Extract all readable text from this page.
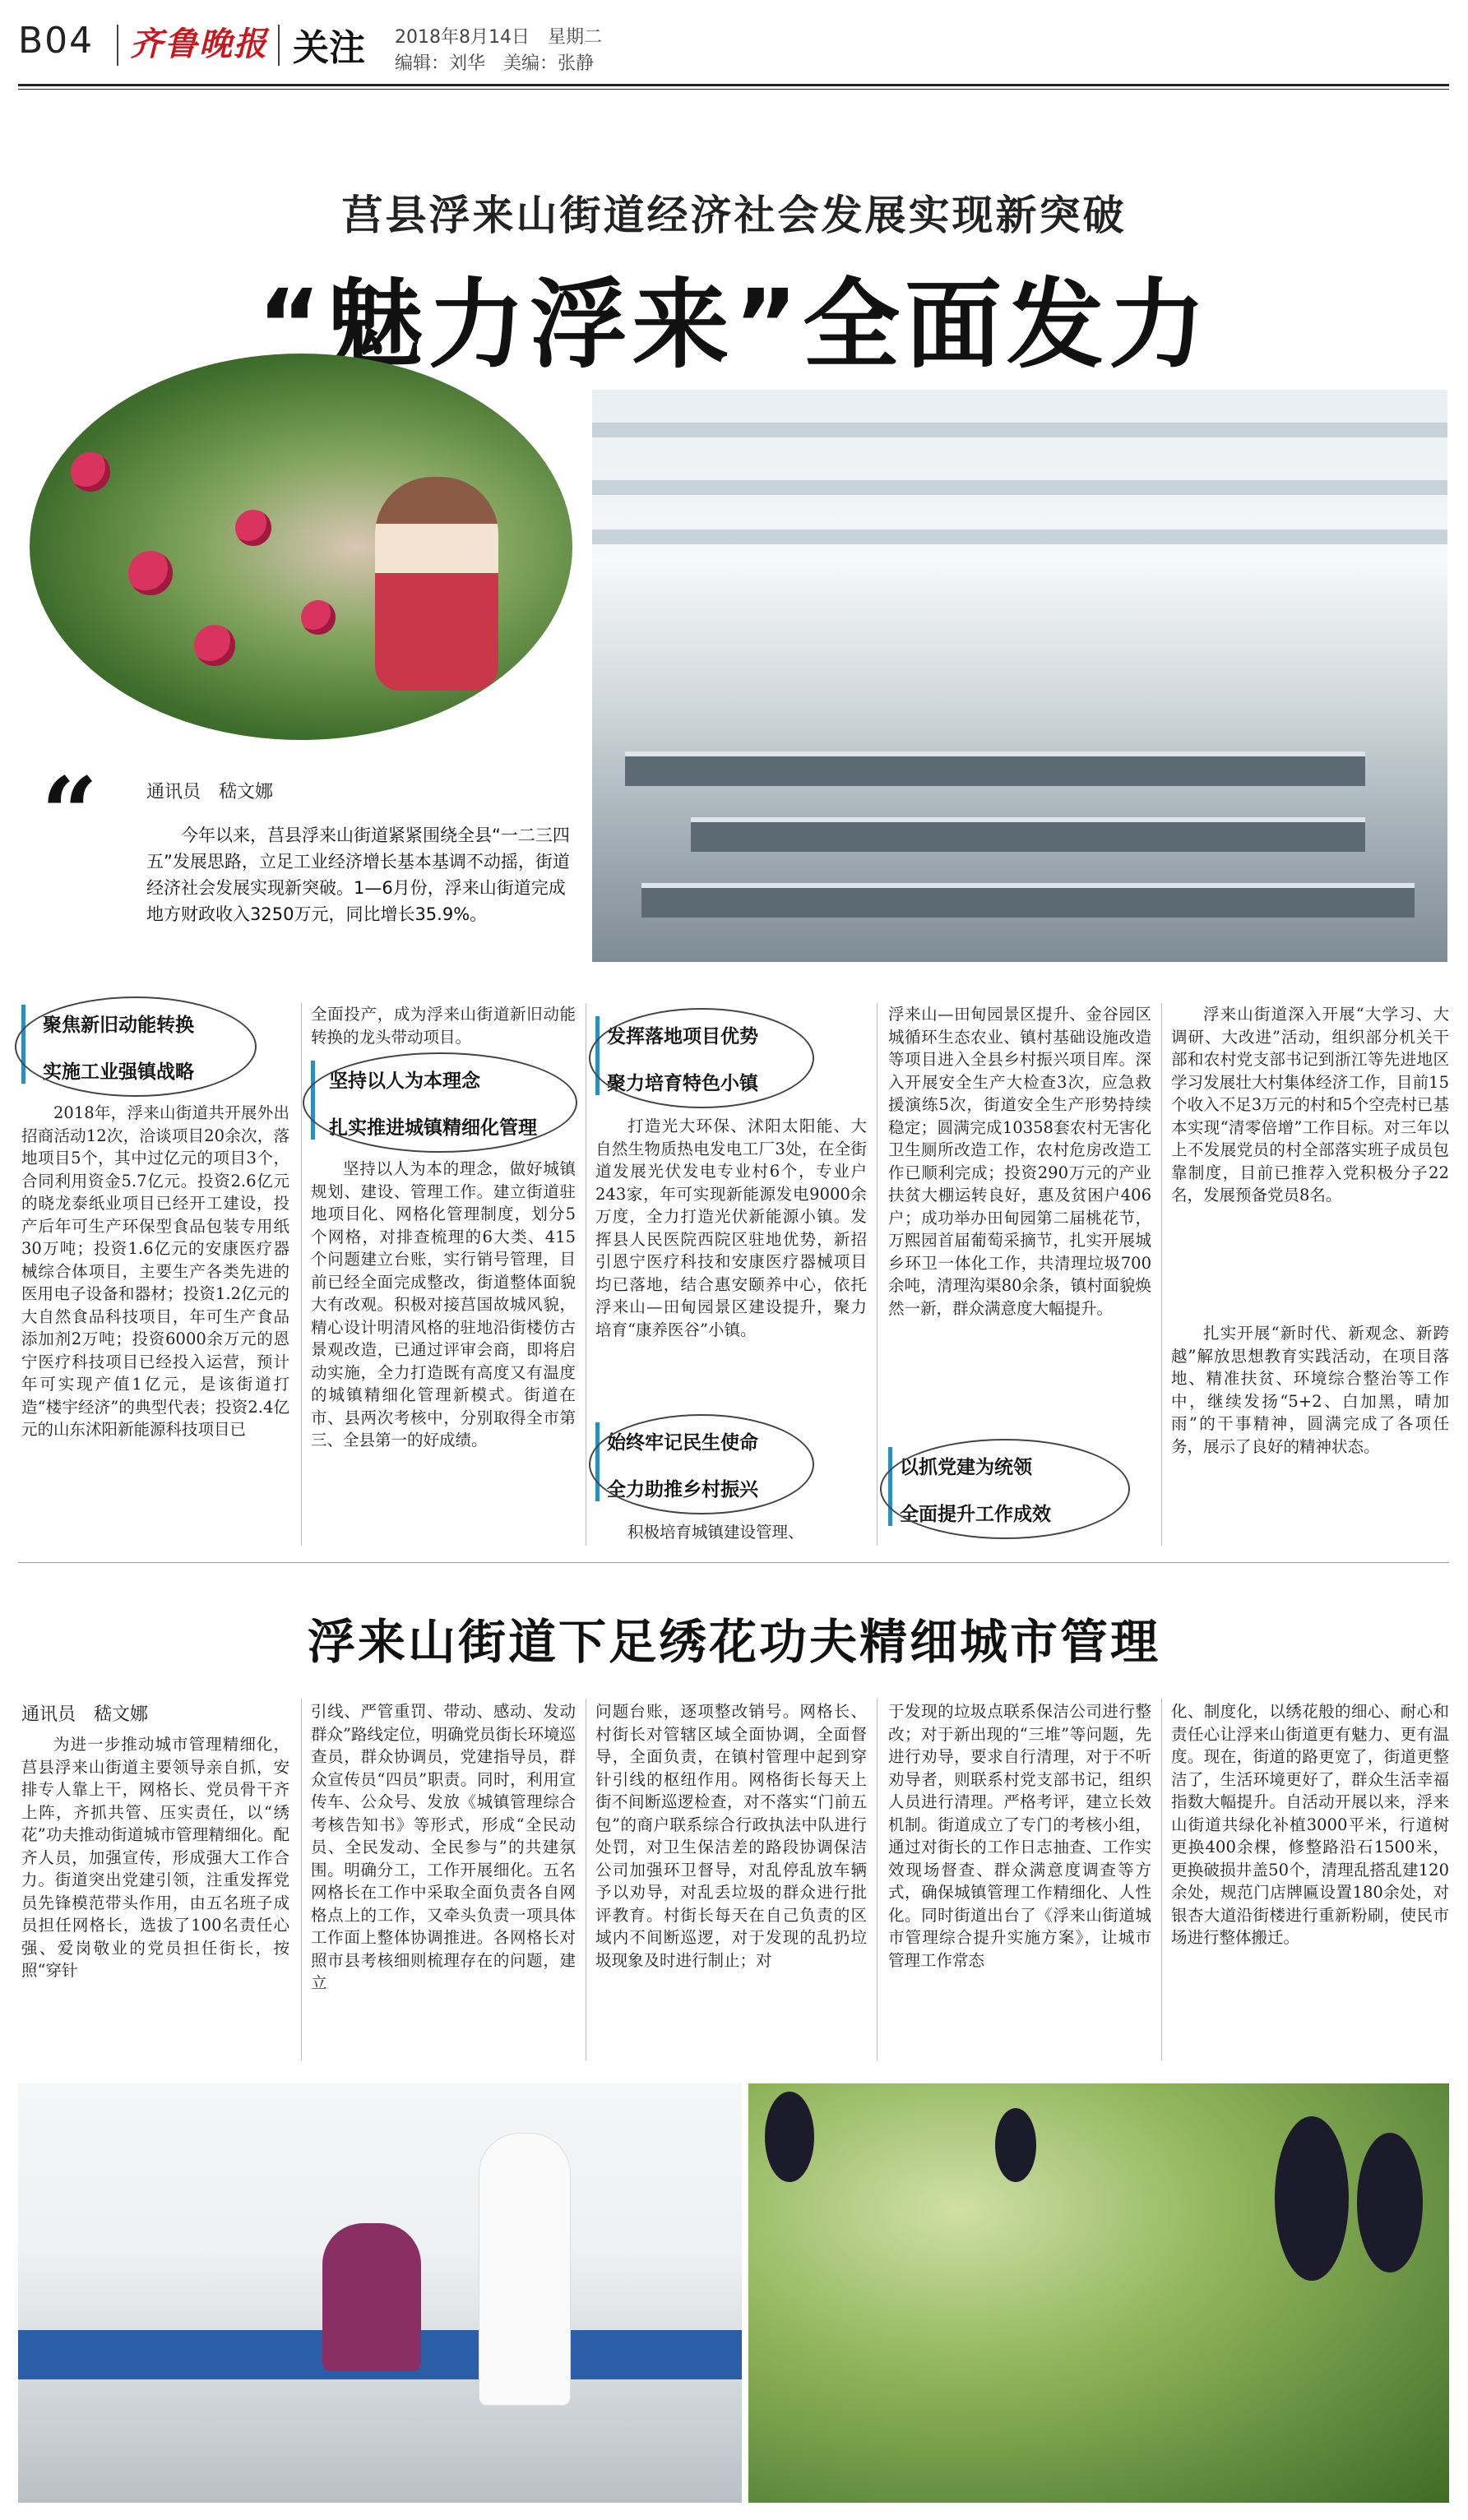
B04 齐鲁晚报 关注 2018年8月14日　星期二
编辑：刘华　美编：张静
莒县浮来山街道经济社会发展实现新突破
“魅力浮来”全面发力
“	通讯员　嵇文娜
今年以来，莒县浮来山街道紧紧围绕全县“一二三四五”发展思路，立足工业经济增长基本基调不动摇，街道经济社会发展实现新突破。1—6月份，浮来山街道完成地方财政收入3250万元，同比增长35.9%。
聚焦新旧动能转换
实施工业强镇战略	坚持以人为本理念
扎实推进城镇精细化管理
发挥落地项目优势
聚力培育特色小镇
始终牢记民生使命
全力助推乡村振兴
以抓党建为统领
全面提升工作成效
2018年，浮来山街道共开展外出招商活动12次，洽谈项目20余次，落地项目5个，其中过亿元的项目3个，合同利用资金5.7亿元。投资2.6亿元的晓龙泰纸业项目已经开工建设，投产后年可生产环保型食品包装专用纸30万吨；投资1.6亿元的安康医疗器械综合体项目，主要生产各类先进的医用电子设备和器材；投资1.2亿元的大自然食品科技项目，年可生产食品添加剂2万吨；投资6000余万元的恩宁医疗科技项目已经投入运营，预计年可实现产值1亿元，是该街道打造“楼宇经济”的典型代表；投资2.4亿元的山东沭阳新能源科技项目已
全面投产，成为浮来山街道新旧动能转换的龙头带动项目。
坚持以人为本的理念，做好城镇规划、建设、管理工作。建立街道驻地项目化、网格化管理制度，划分5个网格，对排查梳理的6大类、415个问题建立台账，实行销号管理，目前已经全面完成整改，街道整体面貌大有改观。积极对接莒国故城风貌，精心设计明清风格的驻地沿街楼仿古景观改造，已通过评审会商，即将启动实施，全力打造既有高度又有温度的城镇精细化管理新模式。街道在市、县两次考核中，分别取得全市第三、全县第一的好成绩。
打造光大环保、沭阳太阳能、大自然生物质热电发电工厂3处，在全街道发展光伏发电专业村6个，专业户243家，年可实现新能源发电9000余万度，全力打造光伏新能源小镇。发挥县人民医院西院区驻地优势，新招引恩宁医疗科技和安康医疗器械项目均已落地，结合惠安颐养中心，依托浮来山—田甸园景区建设提升，聚力培育“康养医谷”小镇。
积极培育城镇建设管理、
浮来山—田甸园景区提升、金谷园区城循环生态农业、镇村基础设施改造等项目进入全县乡村振兴项目库。深入开展安全生产大检查3次，应急救援演练5次，街道安全生产形势持续稳定；圆满完成10358套农村无害化卫生厕所改造工作，农村危房改造工作已顺利完成；投资290万元的产业扶贫大棚运转良好，惠及贫困户406户；成功举办田甸园第二届桃花节，万熙园首届葡萄采摘节，扎实开展城乡环卫一体化工作，共清理垃圾700余吨，清理沟渠80余条，镇村面貌焕然一新，群众满意度大幅提升。
浮来山街道深入开展“大学习、大调研、大改进”活动，组织部分机关干部和农村党支部书记到浙江等先进地区学习发展壮大村集体经济工作，目前15个收入不足3万元的村和5个空壳村已基本实现“清零倍增”工作目标。对三年以上不发展党员的村全部落实班子成员包靠制度，目前已推荐入党积极分子22名，发展预备党员8名。
扎实开展“新时代、新观念、新跨越”解放思想教育实践活动，在项目落地、精准扶贫、环境综合整治等工作中，继续发扬“5+2、白加黑，晴加雨”的干事精神，圆满完成了各项任务，展示了良好的精神状态。
浮来山街道下足绣花功夫精细城市管理
通讯员　嵇文娜
为进一步推动城市管理精细化，莒县浮来山街道主要领导亲自抓，安排专人靠上干，网格长、党员骨干齐上阵，齐抓共管、压实责任，以“绣花”功夫推动街道城市管理精细化。配齐人员，加强宣传，形成强大工作合力。街道突出党建引领，注重发挥党员先锋模范带头作用，由五名班子成员担任网格长，选拔了100名责任心强、爱岗敬业的党员担任街长，按照“穿针
引线、严管重罚、带动、感动、发动群众”路线定位，明确党员街长环境巡查员，群众协调员，党建指导员，群众宣传员“四员”职责。同时，利用宣传车、公众号、发放《城镇管理综合考核告知书》等形式，形成“全民动员、全民发动、全民参与”的共建氛围。明确分工，工作开展细化。五名网格长在工作中采取全面负责各自网格点上的工作，又牵头负责一项具体工作面上整体协调推进。各网格长对照市县考核细则梳理存在的问题，建立
问题台账，逐项整改销号。网格长、村街长对管辖区域全面协调，全面督导，全面负责，在镇村管理中起到穿针引线的枢纽作用。网格街长每天上街不间断巡逻检查，对不落实“门前五包”的商户联系综合行政执法中队进行处罚，对卫生保洁差的路段协调保洁公司加强环卫督导，对乱停乱放车辆予以劝导，对乱丢垃圾的群众进行批评教育。村街长每天在自己负责的区域内不间断巡逻，对于发现的乱扔垃圾现象及时进行制止；对
于发现的垃圾点联系保洁公司进行整改；对于新出现的“三堆”等问题，先进行劝导，要求自行清理，对于不听劝导者，则联系村党支部书记，组织人员进行清理。严格考评，建立长效机制。街道成立了专门的考核小组，通过对街长的工作日志抽查、工作实效现场督查、群众满意度调查等方式，确保城镇管理工作精细化、人性化。同时街道出台了《浮来山街道城市管理综合提升实施方案》，让城市管理工作常态
化、制度化，以绣花般的细心、耐心和责任心让浮来山街道更有魅力、更有温度。现在，街道的路更宽了，街道更整洁了，生活环境更好了，群众生活幸福指数大幅提升。自活动开展以来，浮来山街道共绿化补植3000平米，行道树更换400余棵，修整路沿石1500米，更换破损井盖50个，清理乱搭乱建120余处，规范门店牌匾设置180余处，对银杏大道沿街楼进行重新粉刷，使民市场进行整体搬迁。
